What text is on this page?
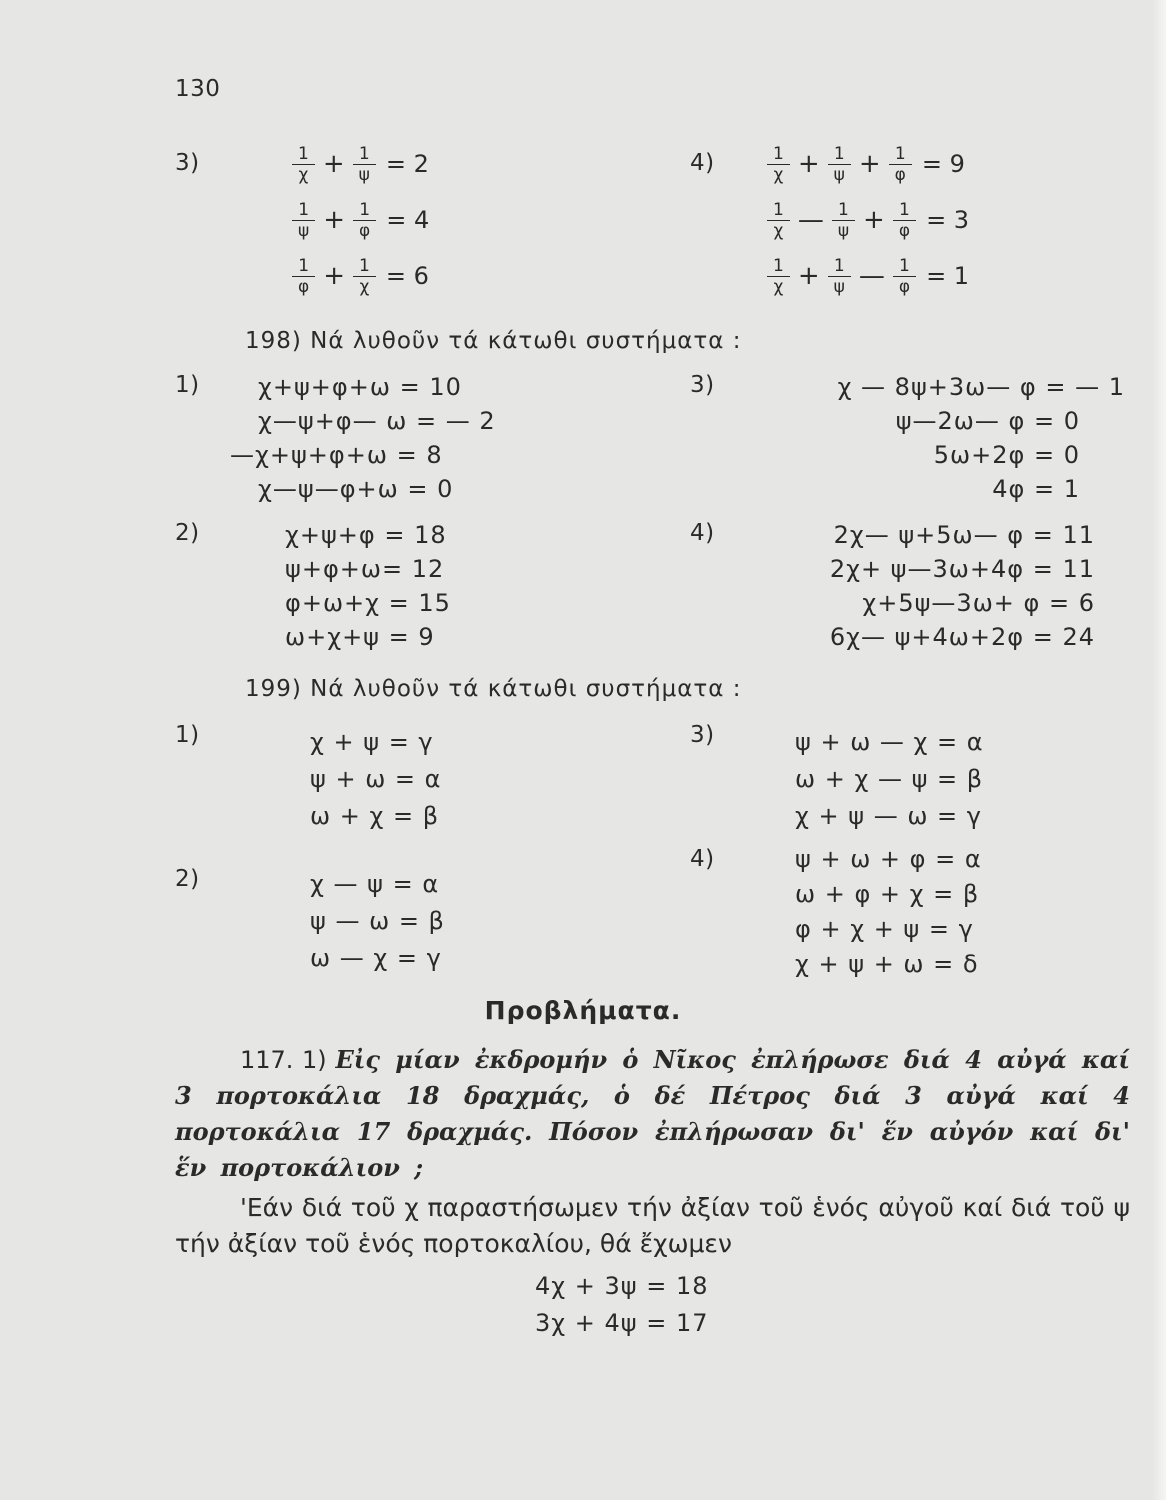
130
3)	$\frac{1}{\chi} + \frac{1}{\psi} = 2$
$\frac{1}{\psi} + \frac{1}{\varphi} = 4$
$\frac{1}{\varphi} + \frac{1}{\chi} = 6$
4)	$\frac{1}{\chi} + \frac{1}{\psi} + \frac{1}{\varphi} = 9$
$\frac{1}{\chi}$ — $\frac{1}{\psi} + \frac{1}{\varphi} = 3$
$\frac{1}{\chi} + \frac{1}{\psi}$ — $\frac{1}{\varphi} = 1$
198) Νά λυθοῦν τά κάτωθι συστήματα :
1)	χ+ψ+φ+ω = 10
χ—ψ+φ— ω = — 2
—χ+ψ+φ+ω = 8
χ—ψ—φ+ω = 0
3)	χ — 8ψ+3ω— φ = — 1
ψ—2ω— φ = 0
5ω+2φ = 0
4φ = 1
2)	χ+ψ+φ = 18
ψ+φ+ω= 12
φ+ω+χ = 15
ω+χ+ψ = 9
4)	2χ— ψ+5ω— φ = 11
2χ+ ψ—3ω+4φ = 11
χ+5ψ—3ω+ φ = 6
6χ— ψ+4ω+2φ = 24
199) Νά λυθοῦν τά κάτωθι συστήματα :
1)	χ + ψ = γ
ψ + ω = α
ω + χ = β
3)	ψ + ω — χ = α
ω + χ — ψ = β
χ + ψ — ω = γ
2)	χ — ψ = α
ψ — ω = β
ω — χ = γ
4)	ψ + ω + φ = α
ω + φ + χ = β
φ + χ + ψ = γ
χ + ψ + ω = δ
Προβλήματα.
117. 1) Εἰς μίαν ἐκδρομήν ὁ Νῖκος ἐπλήρωσε διά 4 αὐγά καί 3 πορτοκάλια 18 δραχμάς, ὁ δέ Πέτρος διά 3 αὐγά καί 4 πορτοκάλια 17 δραχμάς. Πόσον ἐπλήρωσαν δι' ἕν αὐγόν καί δι' ἕν πορτοκάλιον ;
'Εάν διά τοῦ χ παραστήσωμεν τήν ἀξίαν τοῦ ἑνός αὐγοῦ καί διά τοῦ ψ τήν ἀξίαν τοῦ ἑνός πορτοκαλίου, θά ἔχωμεν
4χ + 3ψ = 18
3χ + 4ψ = 17
